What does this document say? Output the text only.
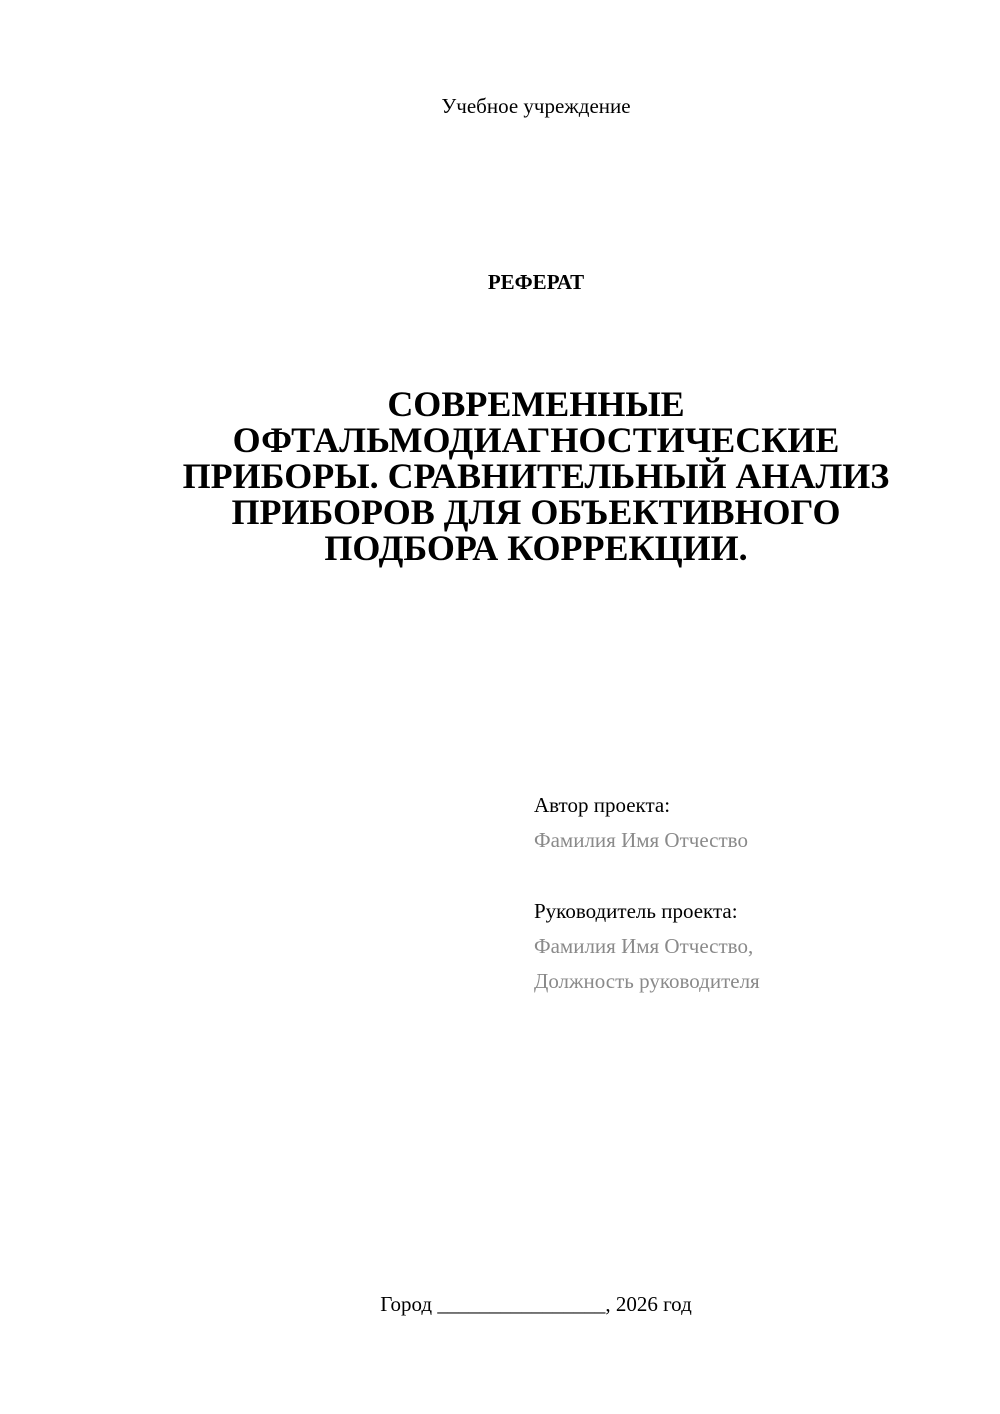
Учебное учреждение
РЕФЕРАТ
СОВРЕМЕННЫЕ
ОФТАЛЬМОДИАГНОСТИЧЕСКИЕ
ПРИБОРЫ. СРАВНИТЕЛЬНЫЙ АНАЛИЗ
ПРИБОРОВ ДЛЯ ОБЪЕКТИВНОГО
ПОДБОРА КОРРЕКЦИИ.
Автор проекта:
Фамилия Имя Отчество
Руководитель проекта:
Фамилия Имя Отчество,
Должность руководителя
Город ________________, 2026 год
